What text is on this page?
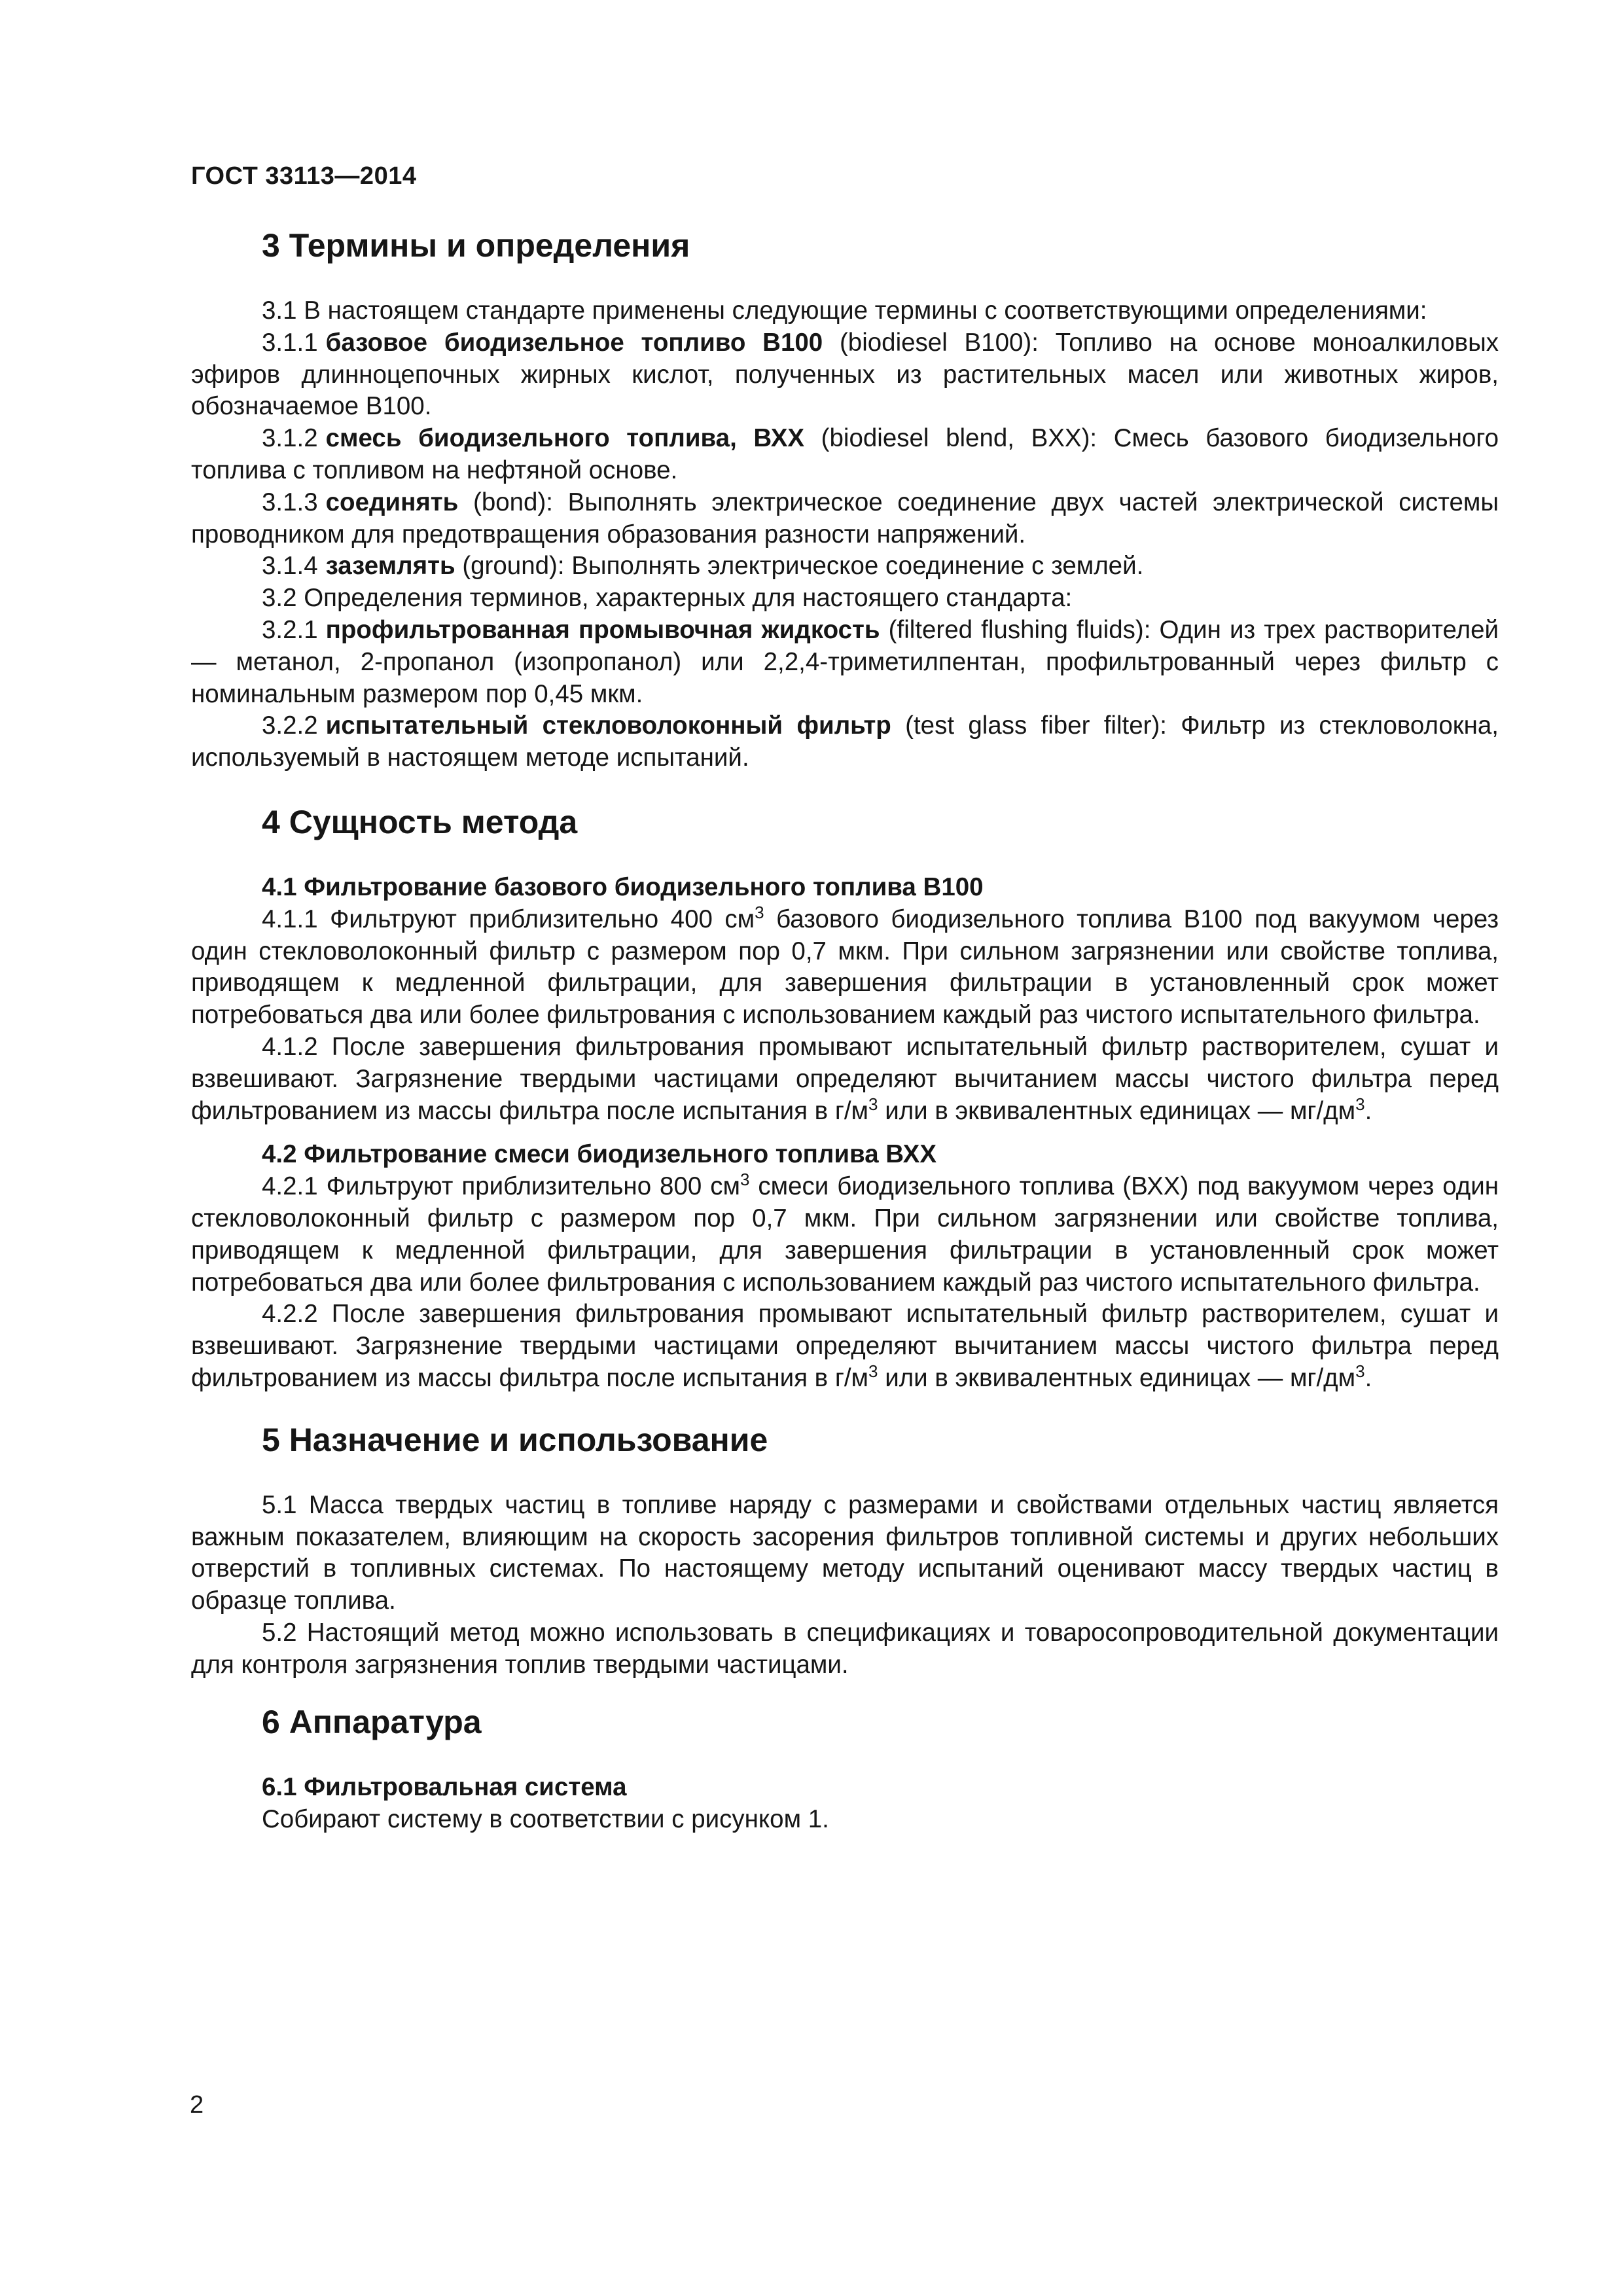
ГОСТ 33113—2014
3 Термины и определения

3.1 В настоящем стандарте применены следующие термины с соответствующими определениями:

3.1.1 базовое биодизельное топливо В100 (biodiesel B100): Топливо на основе моноалкиловых эфиров длинноцепочных жирных кислот, полученных из растительных масел или животных жиров, обозначаемое В100.

3.1.2 смесь биодизельного топлива, ВХХ (biodiesel blend, BXX): Смесь базового биодизельного топлива с топливом на нефтяной основе.

3.1.3 соединять (bond): Выполнять электрическое соединение двух частей электрической системы проводником для предотвращения образования разности напряжений.

3.1.4 заземлять (ground): Выполнять электрическое соединение с землей.

3.2 Определения терминов, характерных для настоящего стандарта:

3.2.1 профильтрованная промывочная жидкость (filtered flushing fluids): Один из трех растворителей — метанол, 2-пропанол (изопропанол) или 2,2,4-триметилпентан, профильтрованный через фильтр с номинальным размером пор 0,45 мкм.

3.2.2 испытательный стекловолоконный фильтр (test glass fiber filter): Фильтр из стекловолокна, используемый в настоящем методе испытаний.

4 Сущность метода
4.1 Фильтрование базового биодизельного топлива В100

4.1.1 Фильтруют приблизительно 400 $см^3$ базового биодизельного топлива В100 под вакуумом через один стекловолоконный фильтр с размером пор 0,7 мкм. При сильном загрязнении или свойстве топлива, приводящем к медленной фильтрации, для завершения фильтрации в установленный срок может потребоваться два или более фильтрования с использованием каждый раз чистого испытательного фильтра.

4.1.2 После завершения фильтрования промывают испытательный фильтр растворителем, сушат и взвешивают. Загрязнение твердыми частицами определяют вычитанием массы чистого фильтра перед фильтрованием из массы фильтра после испытания в $г/м^3$ или в эквивалентных единицах — $мг/дм^3$.

4.2 Фильтрование смеси биодизельного топлива ВХХ

4.2.1 Фильтруют приблизительно 800 $см^3$ смеси биодизельного топлива (ВХХ) под вакуумом через один стекловолоконный фильтр с размером пор 0,7 мкм. При сильном загрязнении или свойстве топлива, приводящем к медленной фильтрации, для завершения фильтрации в установленный срок может потребоваться два или более фильтрования с использованием каждый раз чистого испытательного фильтра.

4.2.2 После завершения фильтрования промывают испытательный фильтр растворителем, сушат и взвешивают. Загрязнение твердыми частицами определяют вычитанием массы чистого фильтра перед фильтрованием из массы фильтра после испытания в $г/м^3$ или в эквивалентных единицах — $мг/дм^3$.

5 Назначение и использование

5.1 Масса твердых частиц в топливе наряду с размерами и свойствами отдельных частиц является важным показателем, влияющим на скорость засорения фильтров топливной системы и других небольших отверстий в топливных системах. По настоящему методу испытаний оценивают массу твердых частиц в образце топлива.

5.2 Настоящий метод можно использовать в спецификациях и товаросопроводительной документации для контроля загрязнения топлив твердыми частицами.

6 Аппаратура
6.1 Фильтровальная система

Собирают систему в соответствии с рисунком 1.

2
